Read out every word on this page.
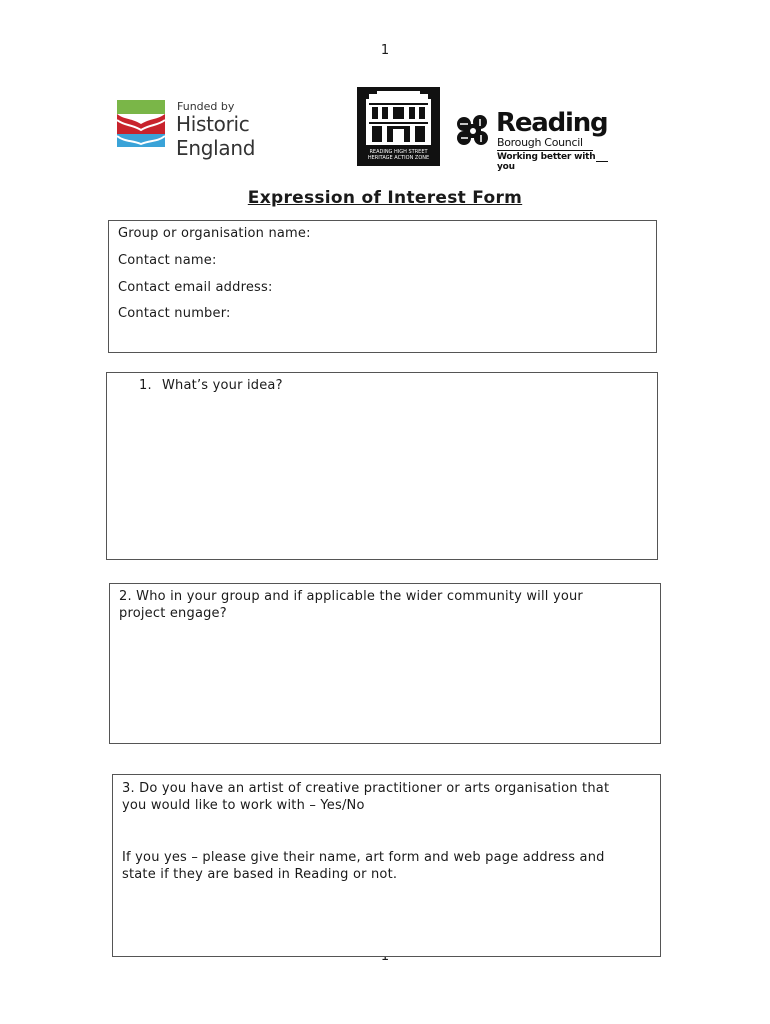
1
Funded by
Historic England	READING HIGH STREET
HERITAGE ACTION ZONE
Reading
Borough Council
Working better with you
Expression of Interest Form
Group or organisation name:
Contact name:
Contact email address:
Contact number:
1. What’s your idea?
2. Who in your group and if applicable the wider community will your
project engage?
3. Do you have an artist of creative practitioner or arts organisation that
you would like to work with – Yes/No
If you yes – please give their name, art form and web page address and
state if they are based in Reading or not.
